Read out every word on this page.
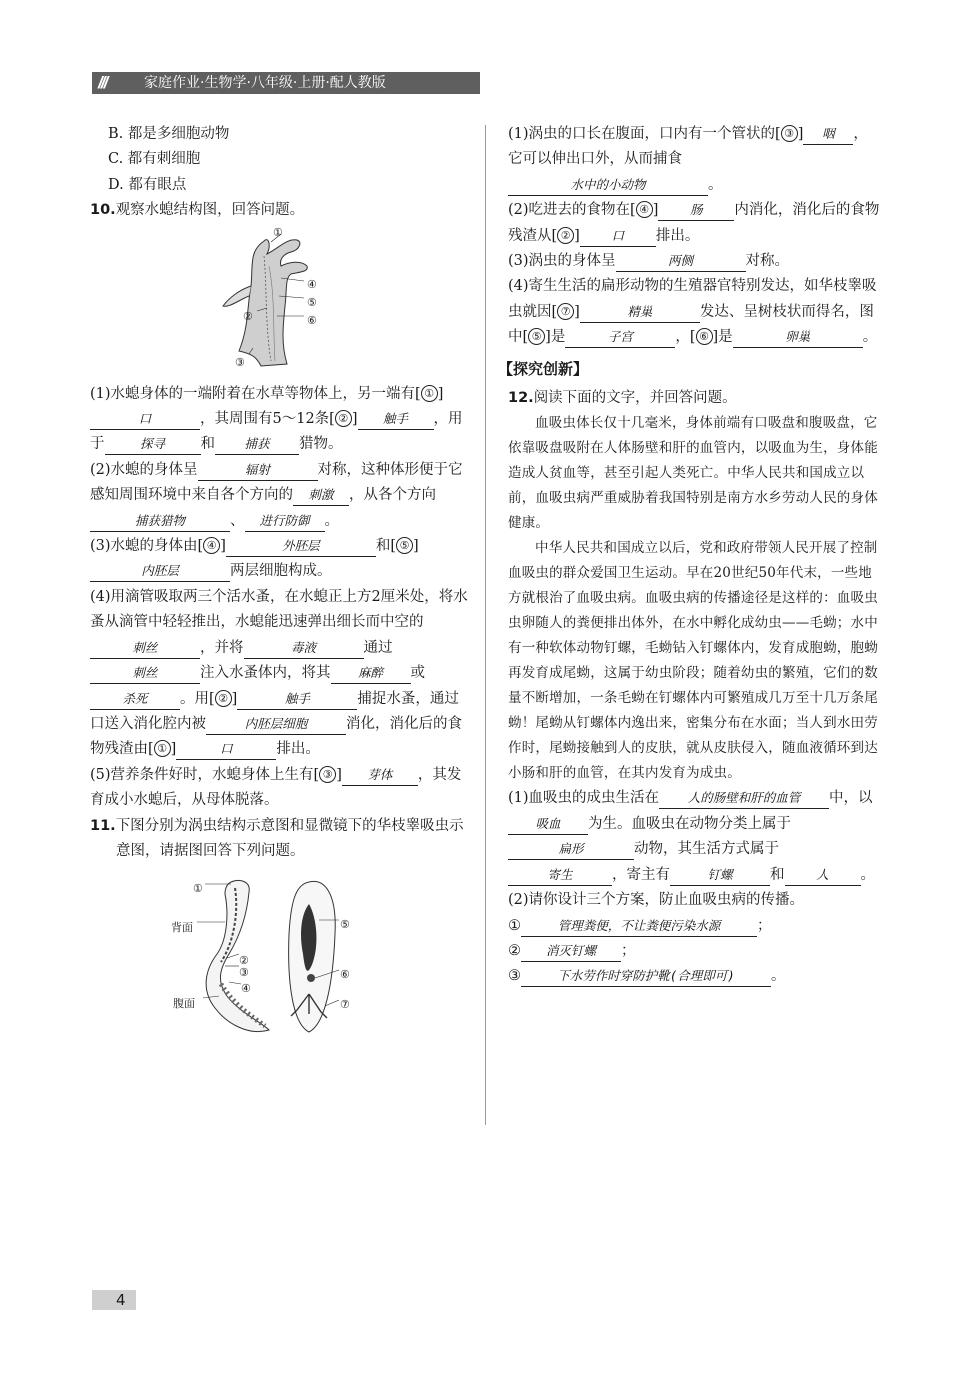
///	家庭作业·生物学·八年级·上册·配人教版

B. 都是多细胞动物

C. 都有刺细胞

D. 都有眼点

10.观察水螅结构图，回答问题。

①
④
⑤
⑥
②
③

(1)水螅身体的一端附着在水草等物体上，另一端有[ ① ]口	，其周围有5～12条[ ② ] 触手 ，用于	探寻 和 捕获 猎物。

(2)水螅的身体呈	辐射	对称，这种体形便于它感知周围环境中来自各个方向的 刺激 ，从各个方向捕获猎物	、 进行防御 。

(3)水螅的身体由[ ④ ]	外胚层	和[ ⑤ ]内胚层	两层细胞构成。

(4)用滴管吸取两三个活水蚤，在水螅正上方2厘米处，将水蚤从滴管中轻轻推出，水螅能迅速弹出细长而中空的刺丝	，并将	毒液	通过刺丝	注入水蚤体内，将其 麻醉 或杀死 。用[ ② ]	触手	捕捉水蚤，通过口送入消化腔内被	内胚层细胞	消化，消化后的食物残渣由[ ① ]	口	排出。

(5)营养条件好时，水螅身体上生有[ ③ ] 芽体 ，其发育成小水螅后，从母体脱落。

11.下图分别为涡虫结构示意图和显微镜下的华枝睾吸虫示意图，请据图回答下列问题。

①
背面
②
③
④
腹面
⑤
⑥
⑦

(1)涡虫的口长在腹面，口内有一个管状的[ ③ ] 咽 ，它可以伸出口外，从而捕食水中的小动物	。

(2)吃进去的食物在[ ④ ]	肠 内消化，消化后的食物残渣从[ ② ]	口 排出。

(3)涡虫的身体呈	两侧	对称。

(4)寄生生活的扁形动物的生殖器官特别发达，如华枝睾吸虫就因[ ⑦ ]	精巢	发达、呈树枝状而得名，图中[ ⑤ ]是	子宫	，[ ⑥ ]是	卵巢	。

【探究创新】

12.阅读下面的文字，并回答问题。

血吸虫体长仅十几毫米，身体前端有口吸盘和腹吸盘，它依靠吸盘吸附在人体肠壁和肝的血管内，以吸血为生，身体能造成人贫血等，甚至引起人类死亡。中华人民共和国成立以前，血吸虫病严重威胁着我国特别是南方水乡劳动人民的身体健康。

中华人民共和国成立以后，党和政府带领人民开展了控制血吸虫的群众爱国卫生运动。早在20世纪50年代末，一些地方就根治了血吸虫病。血吸虫病的传播途径是这样的：血吸虫虫卵随人的粪便排出体外，在水中孵化成幼虫——毛蚴；水中有一种软体动物钉螺，毛蚴钻入钉螺体内，发育成胞蚴，胞蚴再发育成尾蚴，这属于幼虫阶段；随着幼虫的繁殖，它们的数量不断增加，一条毛蚴在钉螺体内可繁殖成几万至十几万条尾蚴！尾蚴从钉螺体内逸出来，密集分布在水面；当人到水田劳作时，尾蚴接触到人的皮肤，就从皮肤侵入，随血液循环到达小肠和肝的血管，在其内发育为成虫。

(1)血吸虫的成虫生活在 人的肠壁和肝的血管 中，以吸血 为生。血吸虫在动物分类上属于扁形	动物，其生活方式属于寄生	，寄主有	钉螺	和	人 。

(2)请你设计三个方案，防止血吸虫病的传播。

①	管理粪便，不让粪便污染水源	；

② 消灭钉螺 ；

③	下水劳作时穿防护靴(合理即可) 。

4
